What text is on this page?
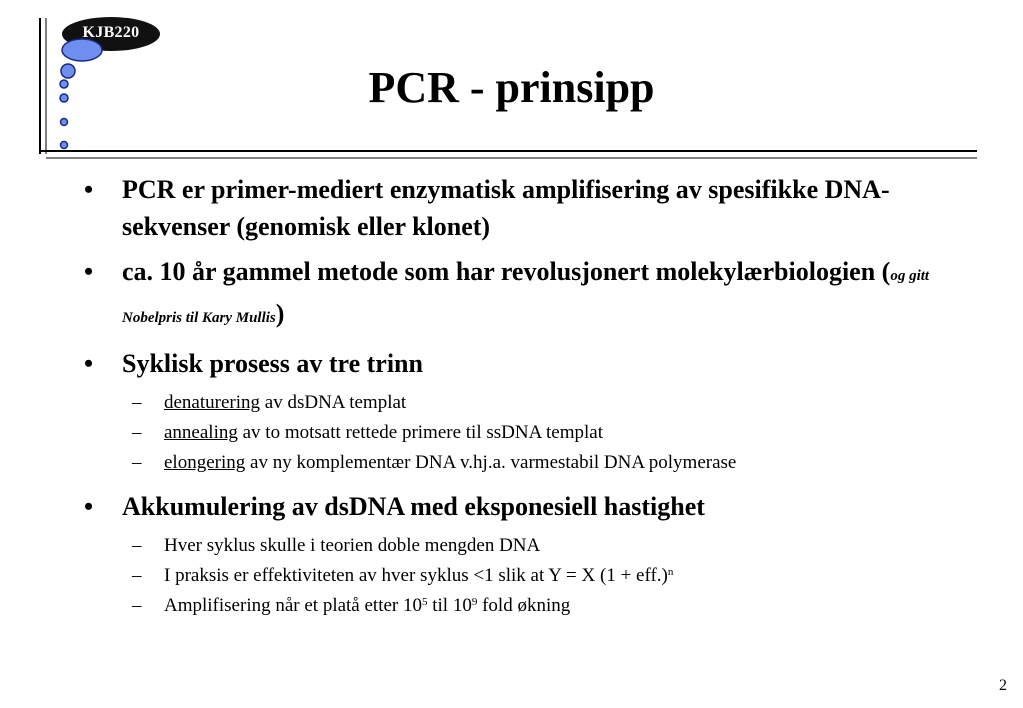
KJB220
PCR - prinsipp
• PCR er primer-mediert enzymatisk amplifisering av spesifikke DNA-sekvenser (genomisk eller klonet)
• ca. 10 år gammel metode som har revolusjonert molekylærbiologien (og gitt Nobelpris til Kary Mullis)
• Syklisk prosess av tre trinn
– denaturering av dsDNA templat
– annealing av to motsatt rettede primere til ssDNA templat
– elongering av ny komplementær DNA v.hj.a. varmestabil DNA polymerase
• Akkumulering av dsDNA med eksponesiell hastighet
– Hver syklus skulle i teorien doble mengden DNA
– I praksis er effektiviteten av hver syklus <1 slik at Y = X $(1 + eff.)^n$
– Amplifisering når et platå etter $10^5$ til $10^9$ fold økning
2
